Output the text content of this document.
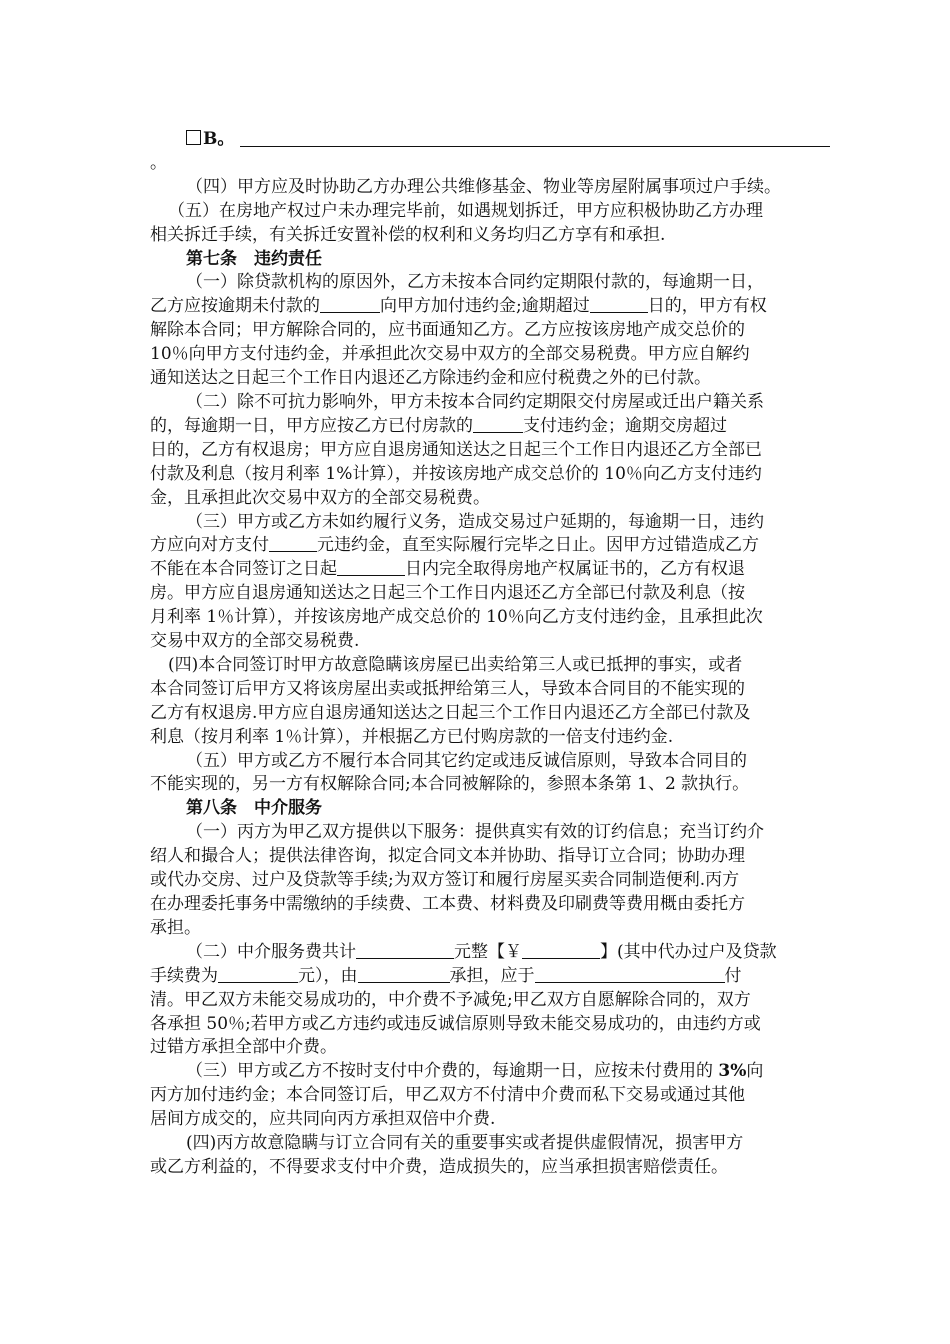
B。
。
（四）甲方应及时协助乙方办理公共维修基金、物业等房屋附属事项过户手续。
（五）在房地产权过户未办理完毕前，如遇规划拆迁，甲方应积极协助乙方办理
相关拆迁手续，有关拆迁安置补偿的权利和义务均归乙方享有和承担.
第七条　违约责任
（一）除贷款机构的原因外，乙方未按本合同约定期限付款的，每逾期一日，
乙方应按逾期未付款的	向甲方加付违约金;逾期超过	日的，甲方有权
解除本合同；甲方解除合同的，应书面通知乙方。乙方应按该房地产成交总价的
10％向甲方支付违约金，并承担此次交易中双方的全部交易税费。甲方应自解约
通知送达之日起三个工作日内退还乙方除违约金和应付税费之外的已付款。
（二）除不可抗力影响外，甲方未按本合同约定期限交付房屋或迁出户籍关系
的，每逾期一日，甲方应按乙方已付房款的	支付违约金；逾期交房超过
日的，乙方有权退房；甲方应自退房通知送达之日起三个工作日内退还乙方全部已
付款及利息（按月利率 1%计算），并按该房地产成交总价的 10％向乙方支付违约
金，且承担此次交易中双方的全部交易税费。
（三）甲方或乙方未如约履行义务，造成交易过户延期的，每逾期一日，违约
方应向对方支付	元违约金，直至实际履行完毕之日止。因甲方过错造成乙方
不能在本合同签订之日起	日内完全取得房地产权属证书的，乙方有权退
房。甲方应自退房通知送达之日起三个工作日内退还乙方全部已付款及利息（按
月利率 1％计算），并按该房地产成交总价的 10％向乙方支付违约金，且承担此次
交易中双方的全部交易税费.
(四)本合同签订时甲方故意隐瞒该房屋已出卖给第三人或已抵押的事实，或者
本合同签订后甲方又将该房屋出卖或抵押给第三人，导致本合同目的不能实现的
乙方有权退房.甲方应自退房通知送达之日起三个工作日内退还乙方全部已付款及
利息（按月利率 1％计算），并根据乙方已付购房款的一倍支付违约金.
（五）甲方或乙方不履行本合同其它约定或违反诚信原则，导致本合同目的
不能实现的，另一方有权解除合同;本合同被解除的，参照本条第 1、2 款执行。
第八条　中介服务
（一）丙方为甲乙双方提供以下服务：提供真实有效的订约信息；充当订约介
绍人和撮合人；提供法律咨询，拟定合同文本并协助、指导订立合同；协助办理
或代办交房、过户及贷款等手续;为双方签订和履行房屋买卖合同制造便利.丙方
在办理委托事务中需缴纳的手续费、工本费、材料费及印刷费等费用概由委托方
承担。
（二）中介服务费共计	元整【￥	】(其中代办过户及贷款
手续费为	元），由	承担，应于	付
清。甲乙双方未能交易成功的，中介费不予减免;甲乙双方自愿解除合同的，双方
各承担 50％;若甲方或乙方违约或违反诚信原则导致未能交易成功的，由违约方或
过错方承担全部中介费。
（三）甲方或乙方不按时支付中介费的，每逾期一日，应按未付费用的 3%向
丙方加付违约金；本合同签订后，甲乙双方不付清中介费而私下交易或通过其他
居间方成交的，应共同向丙方承担双倍中介费.
(四)丙方故意隐瞒与订立合同有关的重要事实或者提供虚假情况，损害甲方
或乙方利益的，不得要求支付中介费，造成损失的，应当承担损害赔偿责任。
